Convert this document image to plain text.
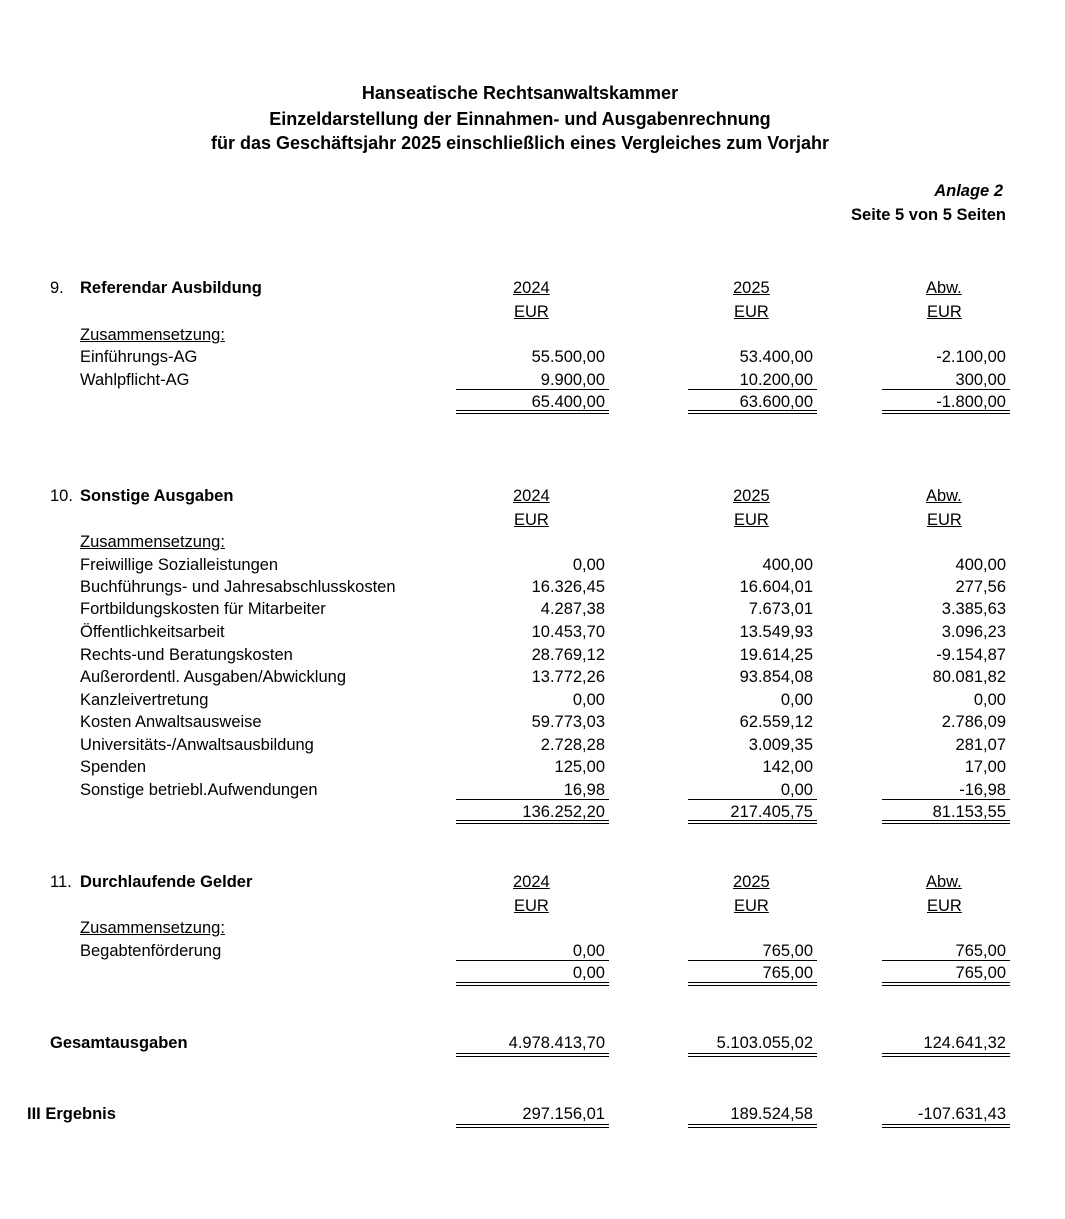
Hanseatische Rechtsanwaltskammer
Einzeldarstellung der Einnahmen- und Ausgabenrechnung
für das Geschäftsjahr 2025 einschließlich eines Vergleiches zum Vorjahr
Anlage 2
Seite 5 von 5 Seiten
9. Referendar Ausbildung	2024	2025	Abw.
EUR	EUR	EUR
Zusammensetzung:
Einführungs-AG	55.500,00	53.400,00	-2.100,00
Wahlpflicht-AG	9.900,00	10.200,00	300,00
65.400,00	63.600,00	-1.800,00
10. Sonstige Ausgaben	2024	2025	Abw.
EUR	EUR	EUR
Zusammensetzung:
Freiwillige Sozialleistungen	0,00	400,00	400,00
Buchführungs- und Jahresabschlusskosten	16.326,45	16.604,01	277,56
Fortbildungskosten für Mitarbeiter	4.287,38	7.673,01	3.385,63
Öffentlichkeitsarbeit	10.453,70	13.549,93	3.096,23
Rechts-und Beratungskosten	28.769,12	19.614,25	-9.154,87
Außerordentl. Ausgaben/Abwicklung	13.772,26	93.854,08	80.081,82
Kanzleivertretung	0,00	0,00	0,00
Kosten Anwaltsausweise	59.773,03	62.559,12	2.786,09
Universitäts-/Anwaltsausbildung	2.728,28	3.009,35	281,07
Spenden	125,00	142,00	17,00
Sonstige betriebl.Aufwendungen	16,98	0,00	-16,98
136.252,20	217.405,75	81.153,55
11. Durchlaufende Gelder	2024	2025	Abw.
EUR	EUR	EUR
Zusammensetzung:
Begabtenförderung	0,00	765,00	765,00
0,00	765,00	765,00
Gesamtausgaben	4.978.413,70	5.103.055,02	124.641,32
III Ergebnis	297.156,01	189.524,58	-107.631,43
